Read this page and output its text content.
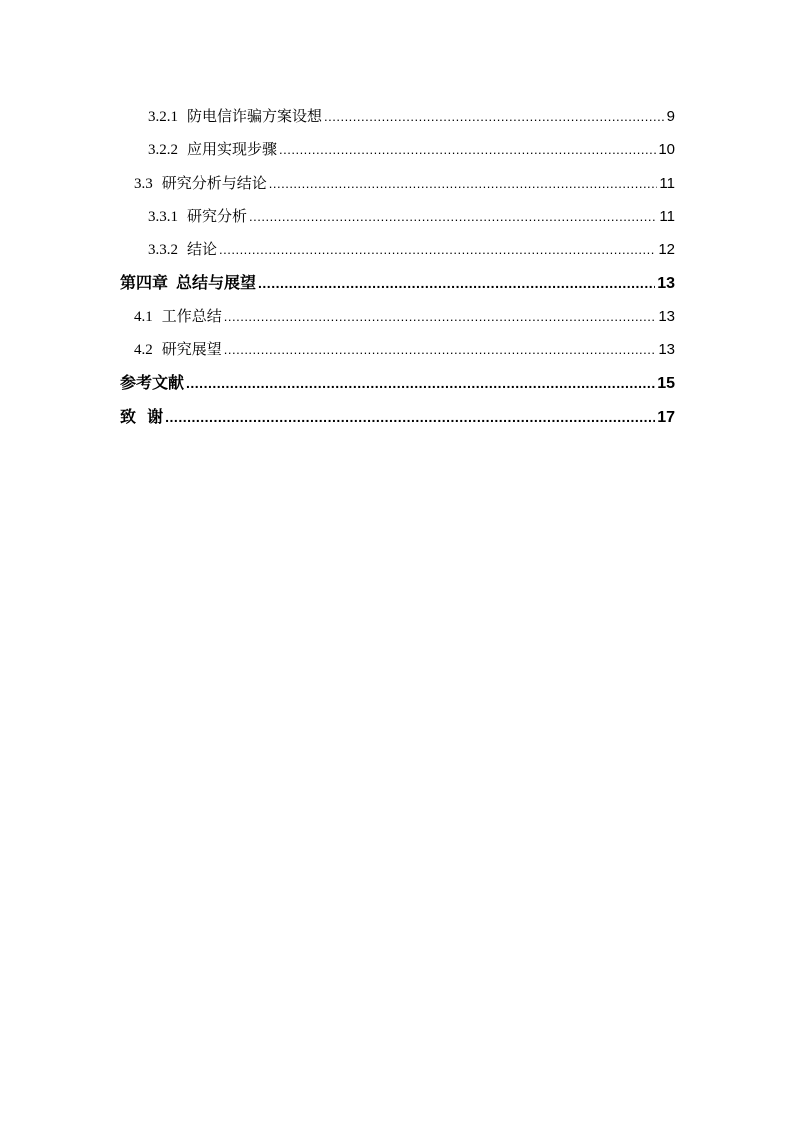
3.2.1 防电信诈骗方案设想 .....	9
3.2.2 应用实现步骤 .....	10
3.3 研究分析与结论 .....	11
3.3.1 研究分析 .....	11
3.3.2 结论 .....	12
第四章 总结与展望 .....	13
4.1 工作总结 .....	13
4.2 研究展望 .....	13
参考文献 .....	15
致  谢 .....	17
